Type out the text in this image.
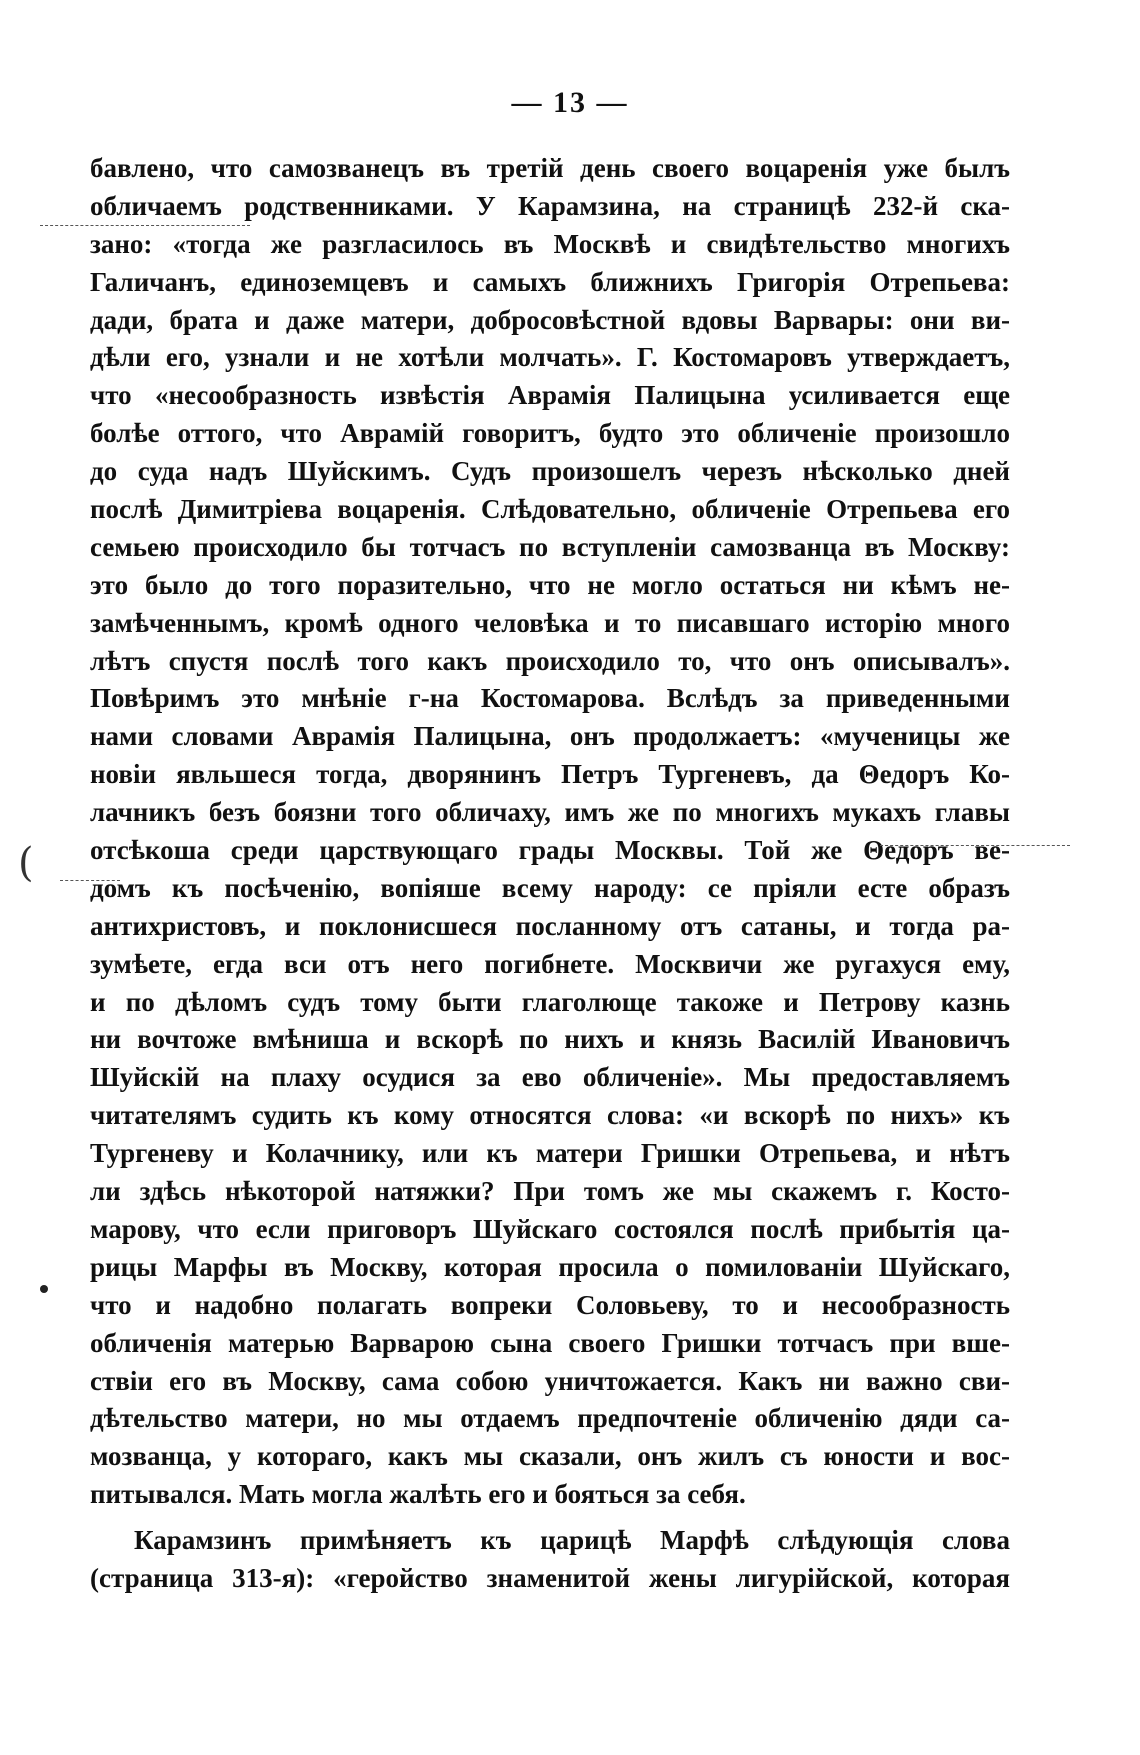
— 13 —
бавлено, что самозванецъ въ третій день своего воцаренія уже былъ
обличаемъ родственниками. У Карамзина, на страницѣ 232-й ска-
зано: «тогда же разгласилось въ Москвѣ и свидѣтельство многихъ
Галичанъ, единоземцевъ и самыхъ ближнихъ Григорія Отрепьева:
дади, брата и даже матери, добросовѣстной вдовы Варвары: они ви-
дѣли его, узнали и не хотѣли молчать». Г. Костомаровъ утверждаетъ,
что «несообразность извѣстія Аврамія Палицына усиливается еще
болѣе оттого, что Аврамій говоритъ, будто это обличеніе произошло
до суда надъ Шуйскимъ. Судъ произошелъ черезъ нѣсколько дней
послѣ Димитріева воцаренія. Слѣдовательно, обличеніе Отрепьева его
семьею происходило бы тотчасъ по вступленіи самозванца въ Москву:
это было до того поразительно, что не могло остаться ни кѣмъ не-
замѣченнымъ, кромѣ одного человѣка и то писавшаго исторію много
лѣтъ спустя послѣ того какъ происходило то, что онъ описывалъ».
Повѣримъ это мнѣніе г-на Костомарова. Вслѣдъ за приведенными
нами словами Аврамія Палицына, онъ продолжаетъ: «мученицы же
новіи явльшеся тогда, дворянинъ Петръ Тургеневъ, да Θедоръ Ко-
лачникъ безъ боязни того обличаху, имъ же по многихъ мукахъ главы
отсѣкоша среди царствующаго грады Москвы. Той же Θедоръ ве-
домъ къ посѣченію, вопіяше всему народу: се пріяли есте образъ
антихристовъ, и поклонисшеся посланному отъ сатаны, и тогда ра-
зумѣете, егда вси отъ него погибнете. Москвичи же ругахуся ему,
и по дѣломъ судъ тому быти глаголюще такоже и Петрову казнь
ни вочтоже вмѣниша и вскорѣ по нихъ и князь Василій Ивановичъ
Шуйскій на плаху осудися за ево обличеніе». Мы предоставляемъ
читателямъ судить къ кому относятся слова: «и вскорѣ по нихъ» къ
Тургеневу и Колачнику, или къ матери Гришки Отрепьева, и нѣтъ
ли здѣсь нѣкоторой натяжки? При томъ же мы скажемъ г. Косто-
марову, что если приговоръ Шуйскаго состоялся послѣ прибытія ца-
рицы Марфы въ Москву, которая просила о помилованіи Шуйскаго,
что и надобно полагать вопреки Соловьеву, то и несообразность
обличенія матерью Варварою сына своего Гришки тотчасъ при вше-
ствіи его въ Москву, сама собою уничтожается. Какъ ни важно сви-
дѣтельство матери, но мы отдаемъ предпочтеніе обличенію дяди са-
мозванца, у котораго, какъ мы сказали, онъ жилъ съ юности и вос-
питывался. Мать могла жалѣть его и бояться за себя.
Карамзинъ примѣняетъ къ царицѣ Марфѣ слѣдующія слова
(страница 313-я): «геройство знаменитой жены лигурійской, которая
(
